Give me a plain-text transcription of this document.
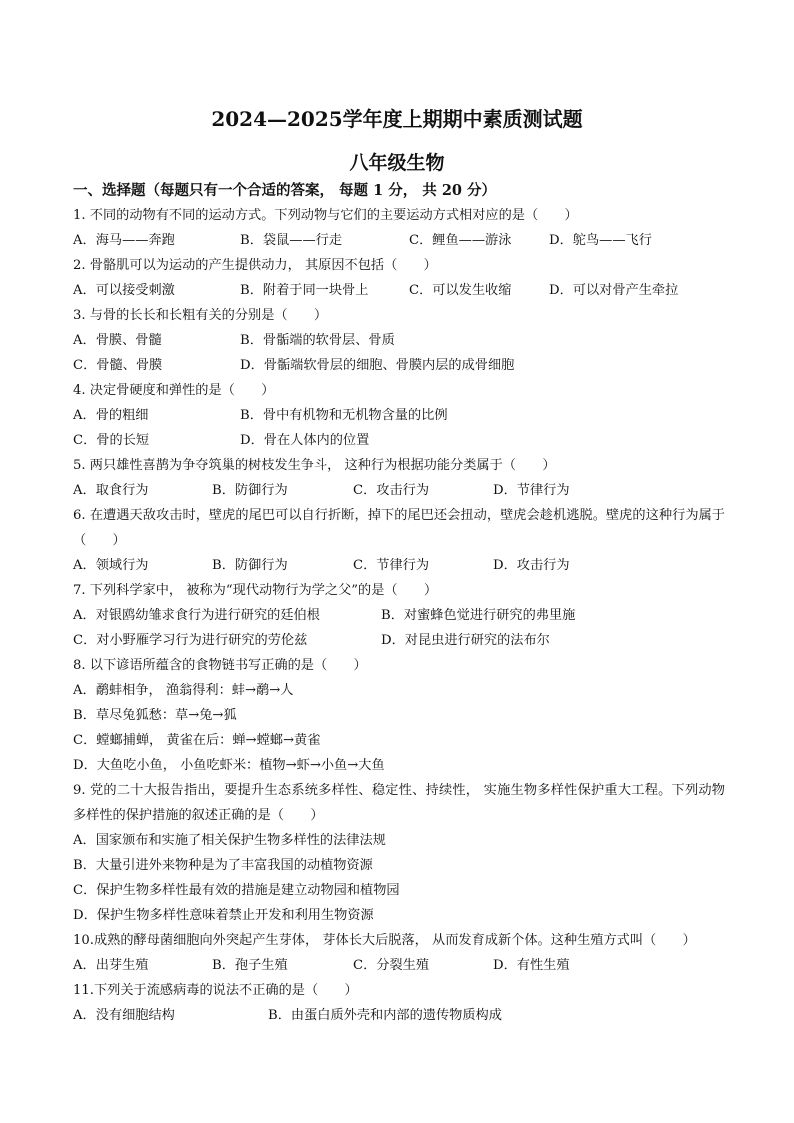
2024—2025学年度上期期中素质测试题
八年级生物
一、选择题（每题只有一个合适的答案， 每题 1 分， 共 20 分）
1. 不同的动物有不同的运动方式。下列动物与它们的主要运动方式相对应的是（　　）
A．海马——奔跑	B．袋鼠——行走	C．鲤鱼——游泳	D．鸵鸟——飞行
2. 骨骼肌可以为运动的产生提供动力， 其原因不包括（　　）
A．可以接受刺激	B．附着于同一块骨上	C．可以发生收缩	D．可以对骨产生牵拉
3. 与骨的长长和长粗有关的分别是（　　）
A．骨膜、骨髓	B．骨骺端的软骨层、骨质
C．骨髓、骨膜	D．骨骺端软骨层的细胞、骨膜内层的成骨细胞
4. 决定骨硬度和弹性的是（　　）
A．骨的粗细	B．骨中有机物和无机物含量的比例
C．骨的长短	D．骨在人体内的位置
5. 两只雄性喜鹊为争夺筑巢的树枝发生争斗， 这种行为根据功能分类属于（　　）
A．取食行为	B．防御行为	C．攻击行为	D．节律行为
6. 在遭遇天敌攻击时，壁虎的尾巴可以自行折断，掉下的尾巴还会扭动，壁虎会趁机逃脱。壁虎的这种行为属于（　　）
A．领域行为	B．防御行为	C．节律行为	D．攻击行为
7. 下列科学家中， 被称为“现代动物行为学之父”的是（　　）
A．对银鸥幼雏求食行为进行研究的廷伯根	B．对蜜蜂色觉进行研究的弗里施
C．对小野雁学习行为进行研究的劳伦兹	D．对昆虫进行研究的法布尔
8. 以下谚语所蕴含的食物链书写正确的是（　　）
A．鹬蚌相争， 渔翁得利：蚌→鹬→人
B．草尽兔狐愁：草→兔→狐
C．螳螂捕蝉， 黄雀在后：蝉→螳螂→黄雀
D．大鱼吃小鱼， 小鱼吃虾米：植物→虾→小鱼→大鱼
9. 党的二十大报告指出，要提升生态系统多样性、稳定性、持续性， 实施生物多样性保护重大工程。下列动物多样性的保护措施的叙述正确的是（　　）
A．国家颁布和实施了相关保护生物多样性的法律法规
B．大量引进外来物种是为了丰富我国的动植物资源
C．保护生物多样性最有效的措施是建立动物园和植物园
D．保护生物多样性意味着禁止开发和利用生物资源
10.成熟的酵母菌细胞向外突起产生芽体， 芽体长大后脱落， 从而发育成新个体。这种生殖方式叫（　　）
A．出芽生殖	B．孢子生殖	C．分裂生殖	D．有性生殖
11.下列关于流感病毒的说法不正确的是（　　）
A．没有细胞结构	B．由蛋白质外壳和内部的遗传物质构成
